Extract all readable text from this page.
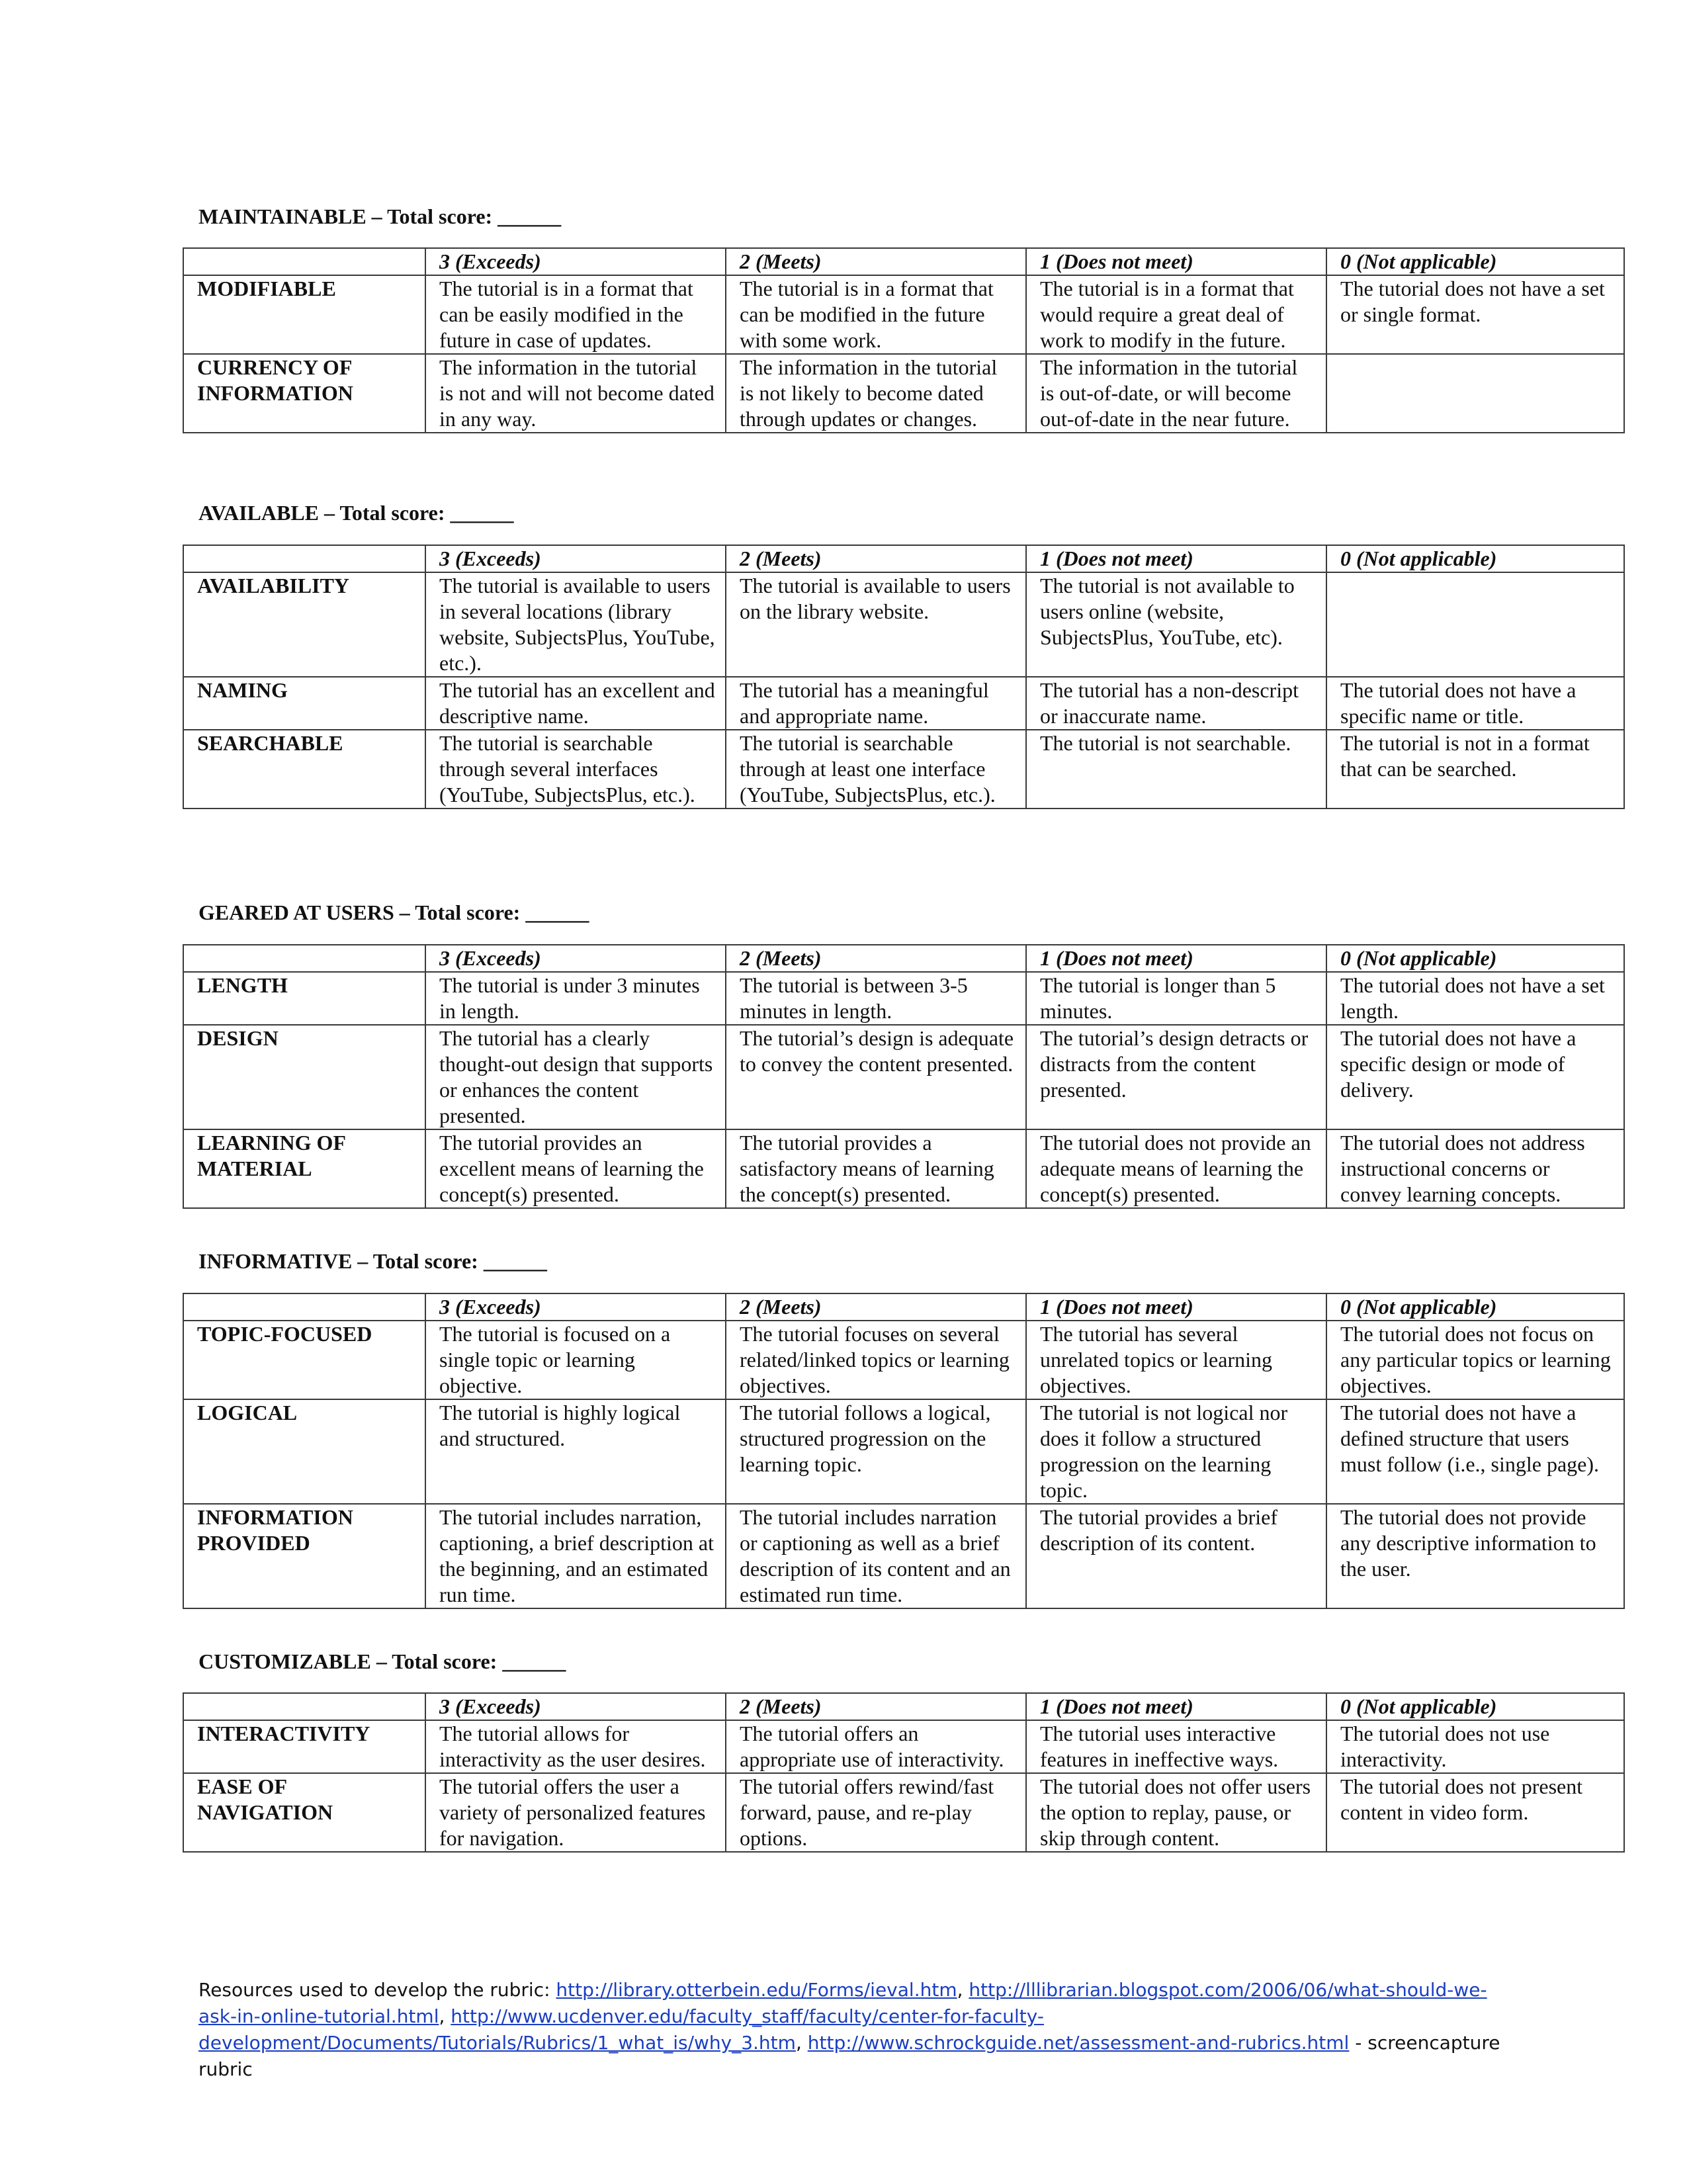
MAINTAINABLE – Total score: ______
	3 (Exceeds)	2 (Meets)	1 (Does not meet)	0 (Not applicable)
MODIFIABLE	The tutorial is in a format that can be easily modified in the future in case of updates.	The tutorial is in a format that can be modified in the future with some work.	The tutorial is in a format that would require a great deal of work to modify in the future.	The tutorial does not have a set or single format.
CURRENCY OF INFORMATION	The information in the tutorial is not and will not become dated in any way.	The information in the tutorial is not likely to become dated through updates or changes.	The information in the tutorial is out-of-date, or will become out-of-date in the near future.	
AVAILABLE – Total score: ______
	3 (Exceeds)	2 (Meets)	1 (Does not meet)	0 (Not applicable)
AVAILABILITY	The tutorial is available to users in several locations (library website, SubjectsPlus, YouTube, etc.).	The tutorial is available to users on the library website.	The tutorial is not available to users online (website, SubjectsPlus, YouTube, etc).	
NAMING	The tutorial has an excellent and descriptive name.	The tutorial has a meaningful and appropriate name.	The tutorial has a non-descript or inaccurate name.	The tutorial does not have a specific name or title.
SEARCHABLE	The tutorial is searchable through several interfaces (YouTube, SubjectsPlus, etc.).	The tutorial is searchable through at least one interface (YouTube, SubjectsPlus, etc.).	The tutorial is not searchable.	The tutorial is not in a format that can be searched.
GEARED AT USERS – Total score: ______
	3 (Exceeds)	2 (Meets)	1 (Does not meet)	0 (Not applicable)
LENGTH	The tutorial is under 3 minutes in length.	The tutorial is between 3-5 minutes in length.	The tutorial is longer than 5 minutes.	The tutorial does not have a set length.
DESIGN	The tutorial has a clearly thought-out design that supports or enhances the content presented.	The tutorial’s design is adequate to convey the content presented.	The tutorial’s design detracts or distracts from the content presented.	The tutorial does not have a specific design or mode of delivery.
LEARNING OF MATERIAL	The tutorial provides an excellent means of learning the concept(s) presented.	The tutorial provides a satisfactory means of learning the concept(s) presented.	The tutorial does not provide an adequate means of learning the concept(s) presented.	The tutorial does not address instructional concerns or convey learning concepts.
INFORMATIVE – Total score: ______
	3 (Exceeds)	2 (Meets)	1 (Does not meet)	0 (Not applicable)
TOPIC-FOCUSED	The tutorial is focused on a single topic or learning objective.	The tutorial focuses on several related/linked topics or learning objectives.	The tutorial has several unrelated topics or learning objectives.	The tutorial does not focus on any particular topics or learning objectives.
LOGICAL	The tutorial is highly logical and structured.	The tutorial follows a logical, structured progression on the learning topic.	The tutorial is not logical nor does it follow a structured progression on the learning topic.	The tutorial does not have a defined structure that users must follow (i.e., single page).
INFORMATION PROVIDED	The tutorial includes narration, captioning, a brief description at the beginning, and an estimated run time.	The tutorial includes narration or captioning as well as a brief description of its content and an estimated run time.	The tutorial provides a brief description of its content.	The tutorial does not provide any descriptive information to the user.
CUSTOMIZABLE – Total score: ______
	3 (Exceeds)	2 (Meets)	1 (Does not meet)	0 (Not applicable)
INTERACTIVITY	The tutorial allows for interactivity as the user desires.	The tutorial offers an appropriate use of interactivity.	The tutorial uses interactive features in ineffective ways.	The tutorial does not use interactivity.
EASE OF NAVIGATION	The tutorial offers the user a variety of personalized features for navigation.	The tutorial offers rewind/fast forward, pause, and re-play options.	The tutorial does not offer users the option to replay, pause, or skip through content.	The tutorial does not present content in video form.
Resources used to develop the rubric: http://library.otterbein.edu/Forms/ieval.htm, http://lllibrarian.blogspot.com/2006/06/what-should-we-ask-in-online-tutorial.html, http://www.ucdenver.edu/faculty_staff/faculty/center-for-faculty-development/Documents/Tutorials/Rubrics/1_what_is/why_3.htm, http://www.schrockguide.net/assessment-and-rubrics.html - screencapture rubric
